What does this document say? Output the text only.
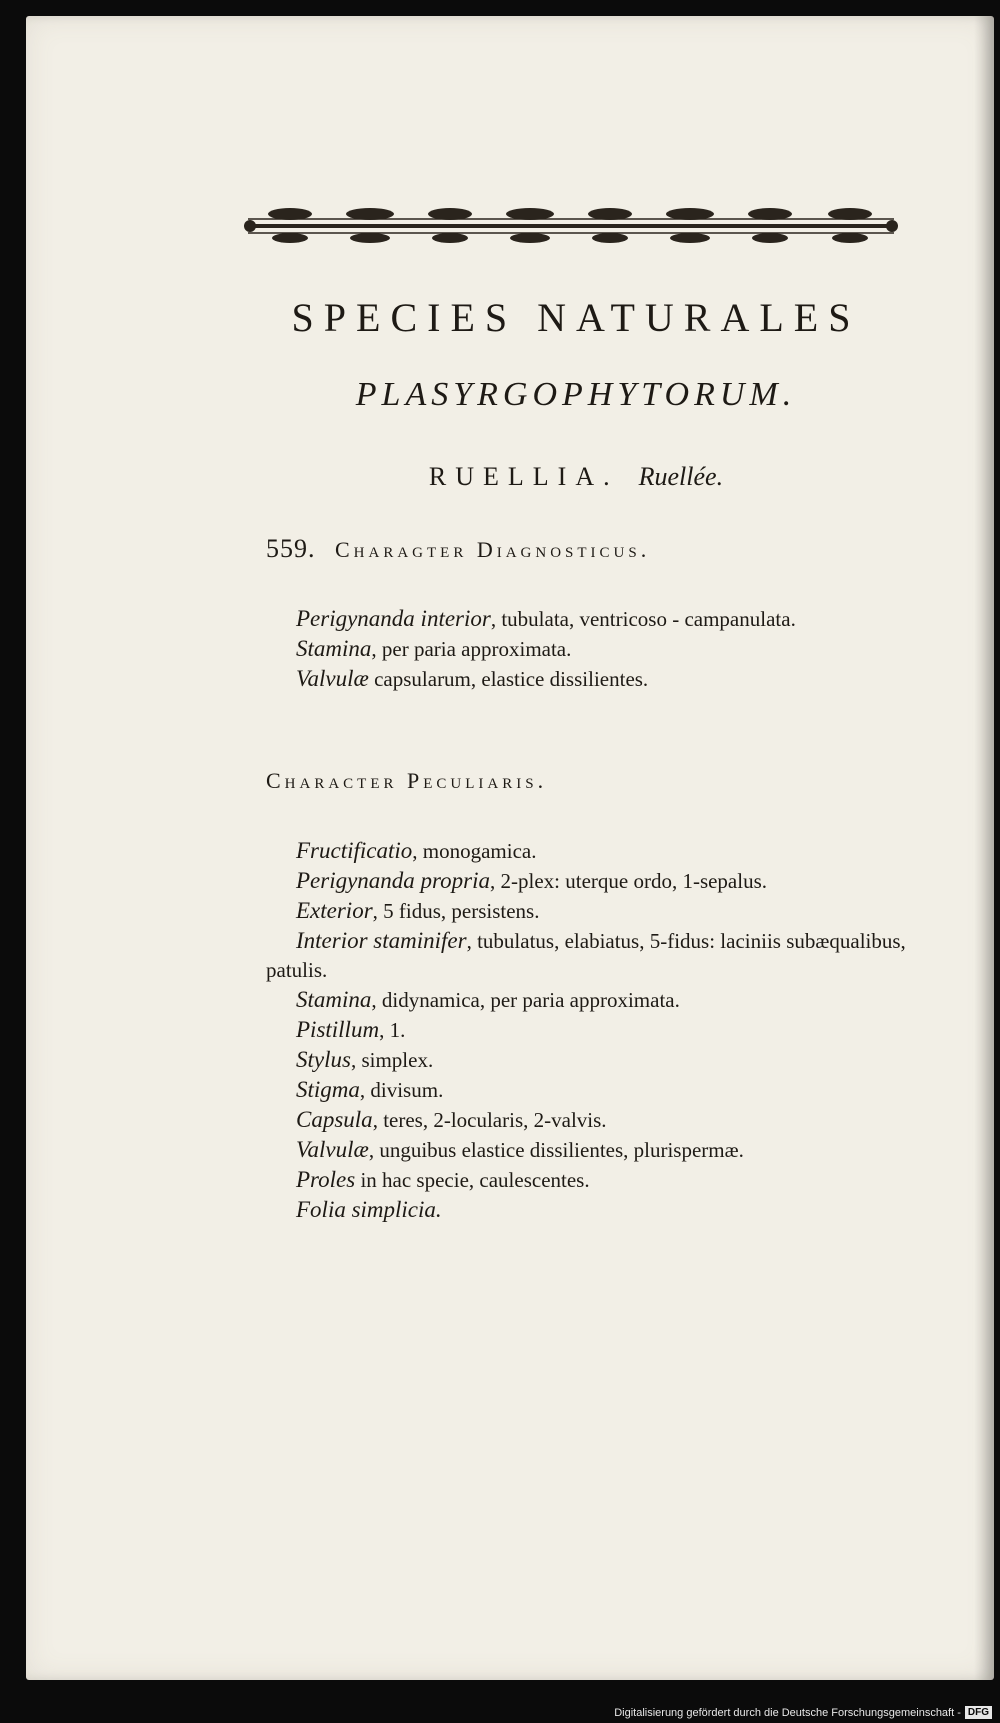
SPECIES NATURALES
PLASYRGOPHYTORUM.
RUELLIA. Ruellée.
559. Charagter Diagnosticus.

Perigynanda interior, tubulata, ventricoso - campanulata.

Stamina, per paria approximata.

Valvulæ capsularum, elastice dissilientes.

Character Peculiaris.

Fructificatio, monogamica.

Perigynanda propria, 2-plex: uterque ordo, 1-sepalus.

Exterior, 5 fidus, persistens.

Interior staminifer, tubulatus, elabiatus, 5-fidus: laciniis subæqualibus, patulis.

Stamina, didynamica, per paria approximata.

Pistillum, 1.

Stylus, simplex.

Stigma, divisum.

Capsula, teres, 2-locularis, 2-valvis.

Valvulæ, unguibus elastice dissilientes, plurispermæ.

Proles in hac specie, caulescentes.

Folia simplicia.

Digitalisierung gefördert durch die Deutsche Forschungsgemeinschaft - DFG
